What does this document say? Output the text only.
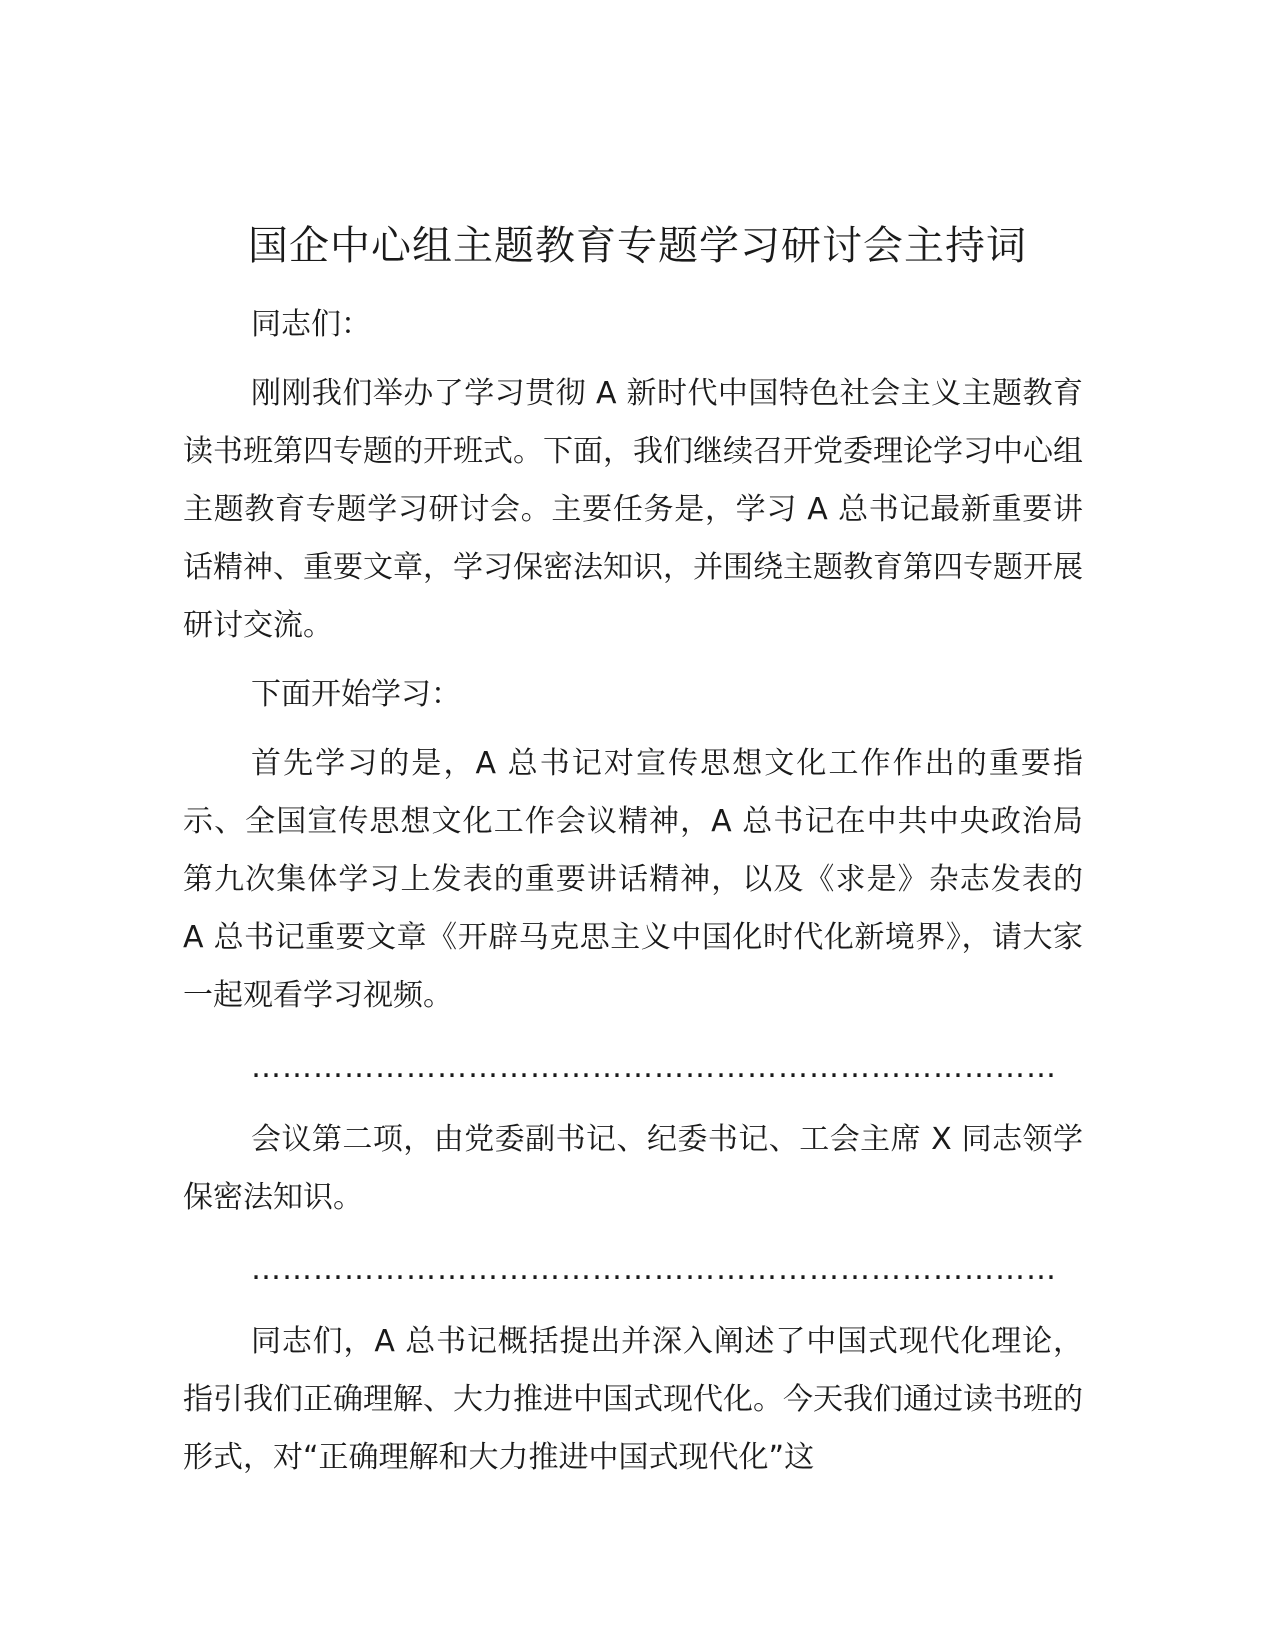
国企中心组主题教育专题学习研讨会主持词

同志们：

刚刚我们举办了学习贯彻 A 新时代中国特色社会主义主题教育读书班第四专题的开班式。下面，我们继续召开党委理论学习中心组主题教育专题学习研讨会。主要任务是，学习 A 总书记最新重要讲话精神、重要文章，学习保密法知识，并围绕主题教育第四专题开展研讨交流。

下面开始学习：

首先学习的是，A 总书记对宣传思想文化工作作出的重要指示、全国宣传思想文化工作会议精神，A 总书记在中共中央政治局第九次集体学习上发表的重要讲话精神，以及《求是》杂志发表的 A 总书记重要文章《开辟马克思主义中国化时代化新境界》，请大家一起观看学习视频。

……………………………………………………………………

会议第二项，由党委副书记、纪委书记、工会主席 X 同志领学保密法知识。

……………………………………………………………………

同志们，A 总书记概括提出并深入阐述了中国式现代化理论，指引我们正确理解、大力推进中国式现代化。今天我们通过读书班的形式，对“正确理解和大力推进中国式现代化”这
